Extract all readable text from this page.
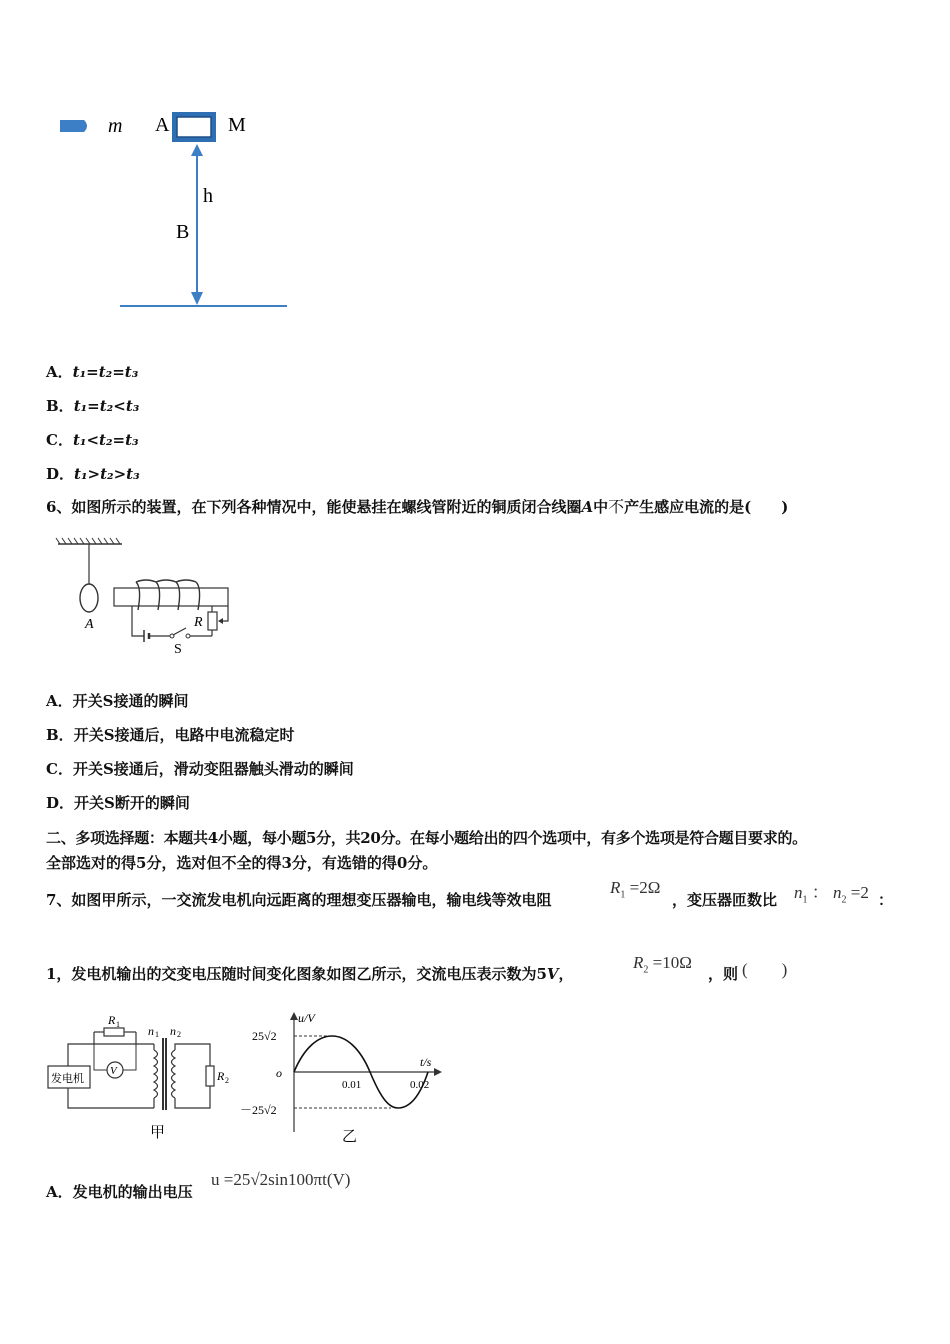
m A	M
h
B
A．t₁=t₂=t₃
B．t₁=t₂<t₃
C．t₁<t₂=t₃
D．t₁>t₂>t₃
6、如图所示的装置，在下列各种情况中，能使悬挂在螺线管附近的铜质闭合线圈A中不产生感应电流的是(　　)
A
S
R
A．开关S接通的瞬间
B．开关S接通后，电路中电流稳定时
C．开关S接通后，滑动变阻器触头滑动的瞬间
D．开关S断开的瞬间
二、多项选择题：本题共4小题，每小题5分，共20分。在每小题给出的四个选项中，有多个选项是符合题目要求的。
全部选对的得5分，选对但不全的得3分，有选错的得0分。
7、如图甲所示，一交流发电机向远距离的理想变压器输电，输电线等效电阻
$R_1 =2\Omega$
，变压器匝数比 $n_1$ ： $n_2 =2$ ：
1，发电机输出的交变电压随时间变化图象如图乙所示，交流电压表示数为5V，
$R_2 =10\Omega$
，则 (　　)
发电机
R 1
V
n 1 n 2
R 2
甲
u/V
t/s
o
25√2
－25√2
0.01	0.02
乙
A．发电机的输出电压
u =25√2sin100πt(V)
